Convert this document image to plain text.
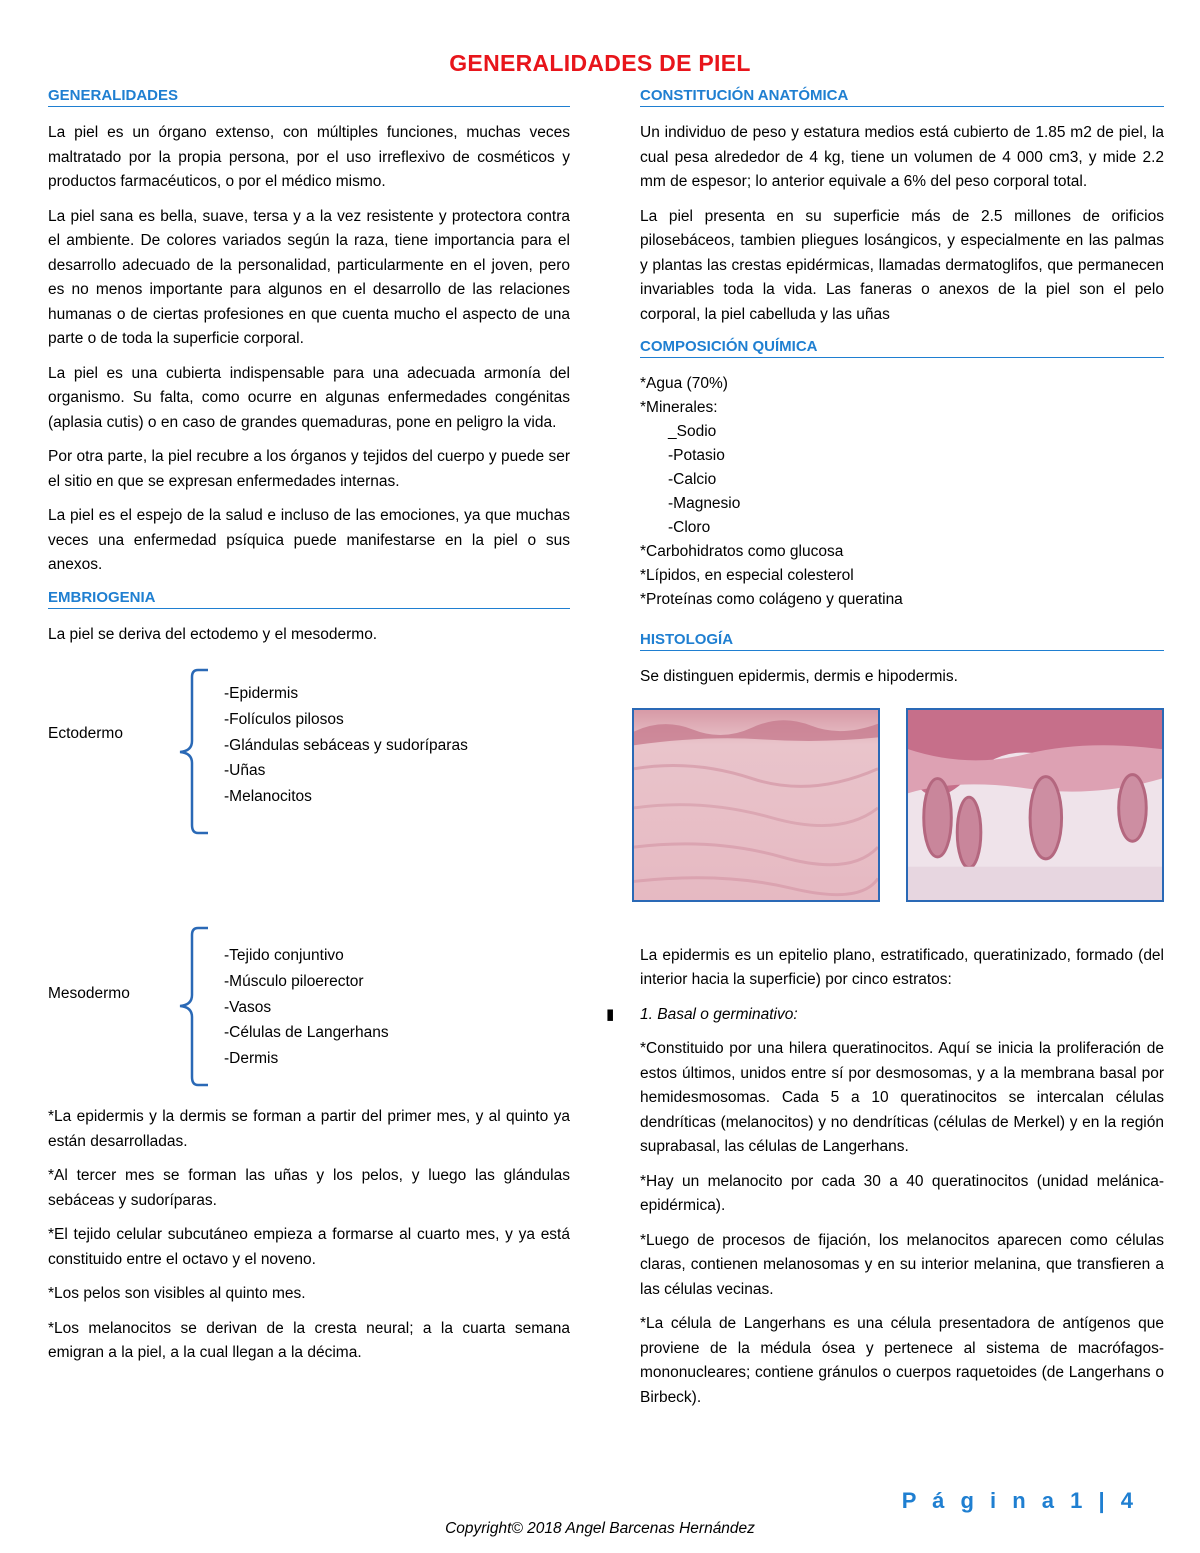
GENERALIDADES DE PIEL
GENERALIDADES

La piel es un órgano extenso, con múltiples funciones, muchas veces maltratado por la propia persona, por el uso irreflexivo de cosméticos y productos farmacéuticos, o por el médico mismo.

La piel sana es bella, suave, tersa y a la vez resistente y protectora contra el ambiente. De colores variados según la raza, tiene importancia para el desarrollo adecuado de la personalidad, particularmente en el joven, pero es no menos importante para algunos en el desarrollo de las relaciones humanas o de ciertas profesiones en que cuenta mucho el aspecto de una parte o de toda la superficie corporal.

La piel es una cubierta indispensable para una adecuada armonía del organismo. Su falta, como ocurre en algunas enfermedades congénitas (aplasia cutis) o en caso de grandes quemaduras, pone en peligro la vida.

Por otra parte, la piel recubre a los órganos y tejidos del cuerpo y puede ser el sitio en que se expresan enfermedades internas.

La piel es el espejo de la salud e incluso de las emociones, ya que muchas veces una enfermedad psíquica puede manifestarse en la piel o sus anexos.

EMBRIOGENIA

La piel se deriva del ectodemo y el mesodermo.

Ectodermo
-Epidermis
-Folículos pilosos
-Glándulas sebáceas y sudoríparas
-Uñas
-Melanocitos
Mesodermo
-Tejido conjuntivo
-Músculo piloerector
-Vasos
-Células de Langerhans
-Dermis

*La epidermis y la dermis se forman a partir del primer mes, y al quinto ya están desarrolladas.

*Al tercer mes se forman las uñas y los pelos, y luego las glándulas sebáceas y sudoríparas.

*El tejido celular subcutáneo empieza a formarse al cuarto mes, y ya está constituido entre el octavo y el noveno.

*Los pelos son visibles al quinto mes.

*Los melanocitos se derivan de la cresta neural; a la cuarta semana emigran a la piel, a la cual llegan a la décima.

CONSTITUCIÓN ANATÓMICA

Un individuo de peso y estatura medios está cubierto de 1.85 m2 de piel, la cual pesa alrededor de 4 kg, tiene un volumen de 4 000 cm3, y mide 2.2 mm de espesor; lo anterior equivale a 6% del peso corporal total.

La piel presenta en su superficie más de 2.5 millones de orificios pilosebáceos, tambien pliegues losángicos, y especialmente en las palmas y plantas las crestas epidérmicas, llamadas dermatoglifos, que permanecen invariables toda la vida. Las faneras o anexos de la piel son el pelo corporal, la piel cabelluda y las uñas

COMPOSICIÓN QUÍMICA
*Agua (70%)
*Minerales:
_Sodio
-Potasio
-Calcio
-Magnesio
-Cloro
*Carbohidratos como glucosa
*Lípidos, en especial colesterol
*Proteínas como colágeno y queratina
HISTOLOGÍA

Se distinguen epidermis, dermis e hipodermis.

La epidermis es un epitelio plano, estratificado, queratinizado, formado (del interior hacia la superficie) por cinco estratos:

▮ 1. Basal o germinativo:

*Constituido por una hilera queratinocitos. Aquí se inicia la proliferación de estos últimos, unidos entre sí por desmosomas, y a la membrana basal por hemidesmosomas. Cada 5 a 10 queratinocitos se intercalan células dendríticas (melanocitos) y no dendríticas (células de Merkel) y en la región suprabasal, las células de Langerhans.

*Hay un melanocito por cada 30 a 40 queratinocitos (unidad melánica-epidérmica).

*Luego de procesos de fijación, los melanocitos aparecen como células claras, contienen melanosomas y en su interior melanina, que transfieren a las células vecinas.

*La célula de Langerhans es una célula presentadora de antígenos que proviene de la médula ósea y pertenece al sistema de macrófagos-mononucleares; contiene gránulos o cuerpos raquetoides (de Langerhans o Birbeck).

P á g i n a 1 | 4
Copyright© 2018 Angel Barcenas Hernández
